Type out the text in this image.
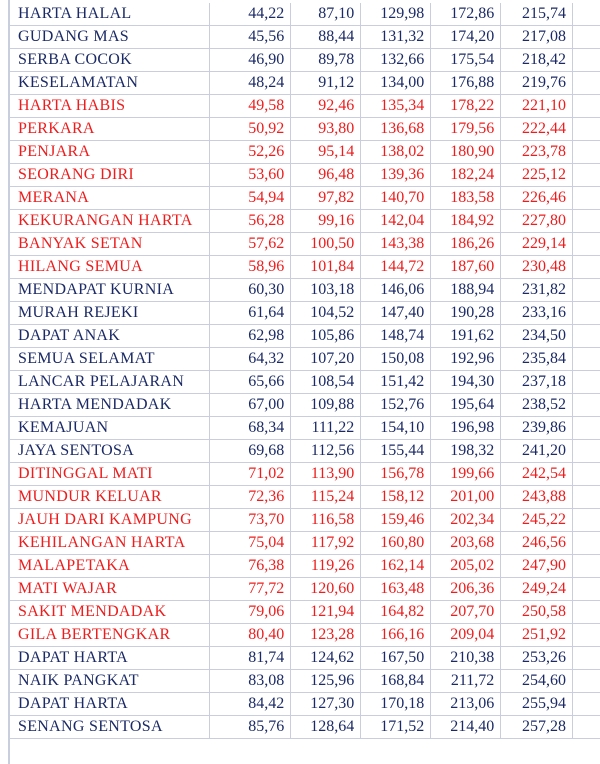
HARTA HALAL	44,22	87,10	129,98	172,86	215,74	
GUDANG MAS	45,56	88,44	131,32	174,20	217,08	
SERBA COCOK	46,90	89,78	132,66	175,54	218,42	
KESELAMATAN	48,24	91,12	134,00	176,88	219,76	
HARTA HABIS	49,58	92,46	135,34	178,22	221,10	
PERKARA	50,92	93,80	136,68	179,56	222,44	
PENJARA	52,26	95,14	138,02	180,90	223,78	
SEORANG DIRI	53,60	96,48	139,36	182,24	225,12	
MERANA	54,94	97,82	140,70	183,58	226,46	
KEKURANGAN HARTA	56,28	99,16	142,04	184,92	227,80	
BANYAK SETAN	57,62	100,50	143,38	186,26	229,14	
HILANG SEMUA	58,96	101,84	144,72	187,60	230,48	
MENDAPAT KURNIA	60,30	103,18	146,06	188,94	231,82	
MURAH REJEKI	61,64	104,52	147,40	190,28	233,16	
DAPAT ANAK	62,98	105,86	148,74	191,62	234,50	
SEMUA SELAMAT	64,32	107,20	150,08	192,96	235,84	
LANCAR PELAJARAN	65,66	108,54	151,42	194,30	237,18	
HARTA MENDADAK	67,00	109,88	152,76	195,64	238,52	
KEMAJUAN	68,34	111,22	154,10	196,98	239,86	
JAYA SENTOSA	69,68	112,56	155,44	198,32	241,20	
DITINGGAL MATI	71,02	113,90	156,78	199,66	242,54	
MUNDUR KELUAR	72,36	115,24	158,12	201,00	243,88	
JAUH DARI KAMPUNG	73,70	116,58	159,46	202,34	245,22	
KEHILANGAN HARTA	75,04	117,92	160,80	203,68	246,56	
MALAPETAKA	76,38	119,26	162,14	205,02	247,90	
MATI WAJAR	77,72	120,60	163,48	206,36	249,24	
SAKIT MENDADAK	79,06	121,94	164,82	207,70	250,58	
GILA BERTENGKAR	80,40	123,28	166,16	209,04	251,92	
DAPAT HARTA	81,74	124,62	167,50	210,38	253,26	
NAIK PANGKAT	83,08	125,96	168,84	211,72	254,60	
DAPAT HARTA	84,42	127,30	170,18	213,06	255,94	
SENANG SENTOSA	85,76	128,64	171,52	214,40	257,28	
